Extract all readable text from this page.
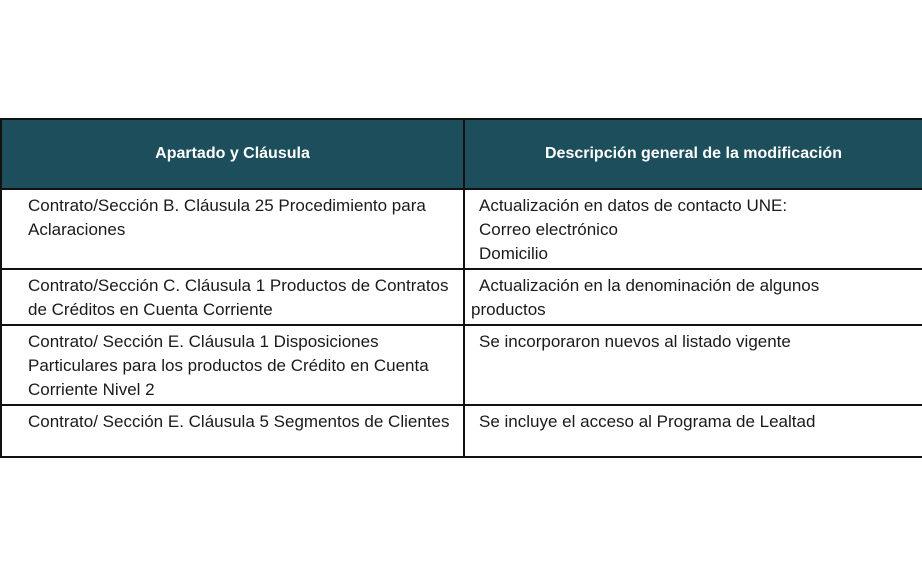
Apartado y Cláusula	Descripción general de la modificación
Contrato/Sección B. Cláusula 25 Procedimiento para Aclaraciones	Actualización en datos de contacto UNE:
Correo electrónico
Domicilio

Contrato/Sección C. Cláusula 1 Productos de Contratos de Créditos en Cuenta Corriente	Actualización en la denominación de algunos
productos

Contrato/ Sección E. Cláusula 1 Disposiciones Particulares para los productos de Crédito en Cuenta Corriente Nivel 2	Se incorporaron nuevos al listado vigente

Contrato/ Sección E. Cláusula 5 Segmentos de Clientes	Se incluye el acceso al Programa de Lealtad
